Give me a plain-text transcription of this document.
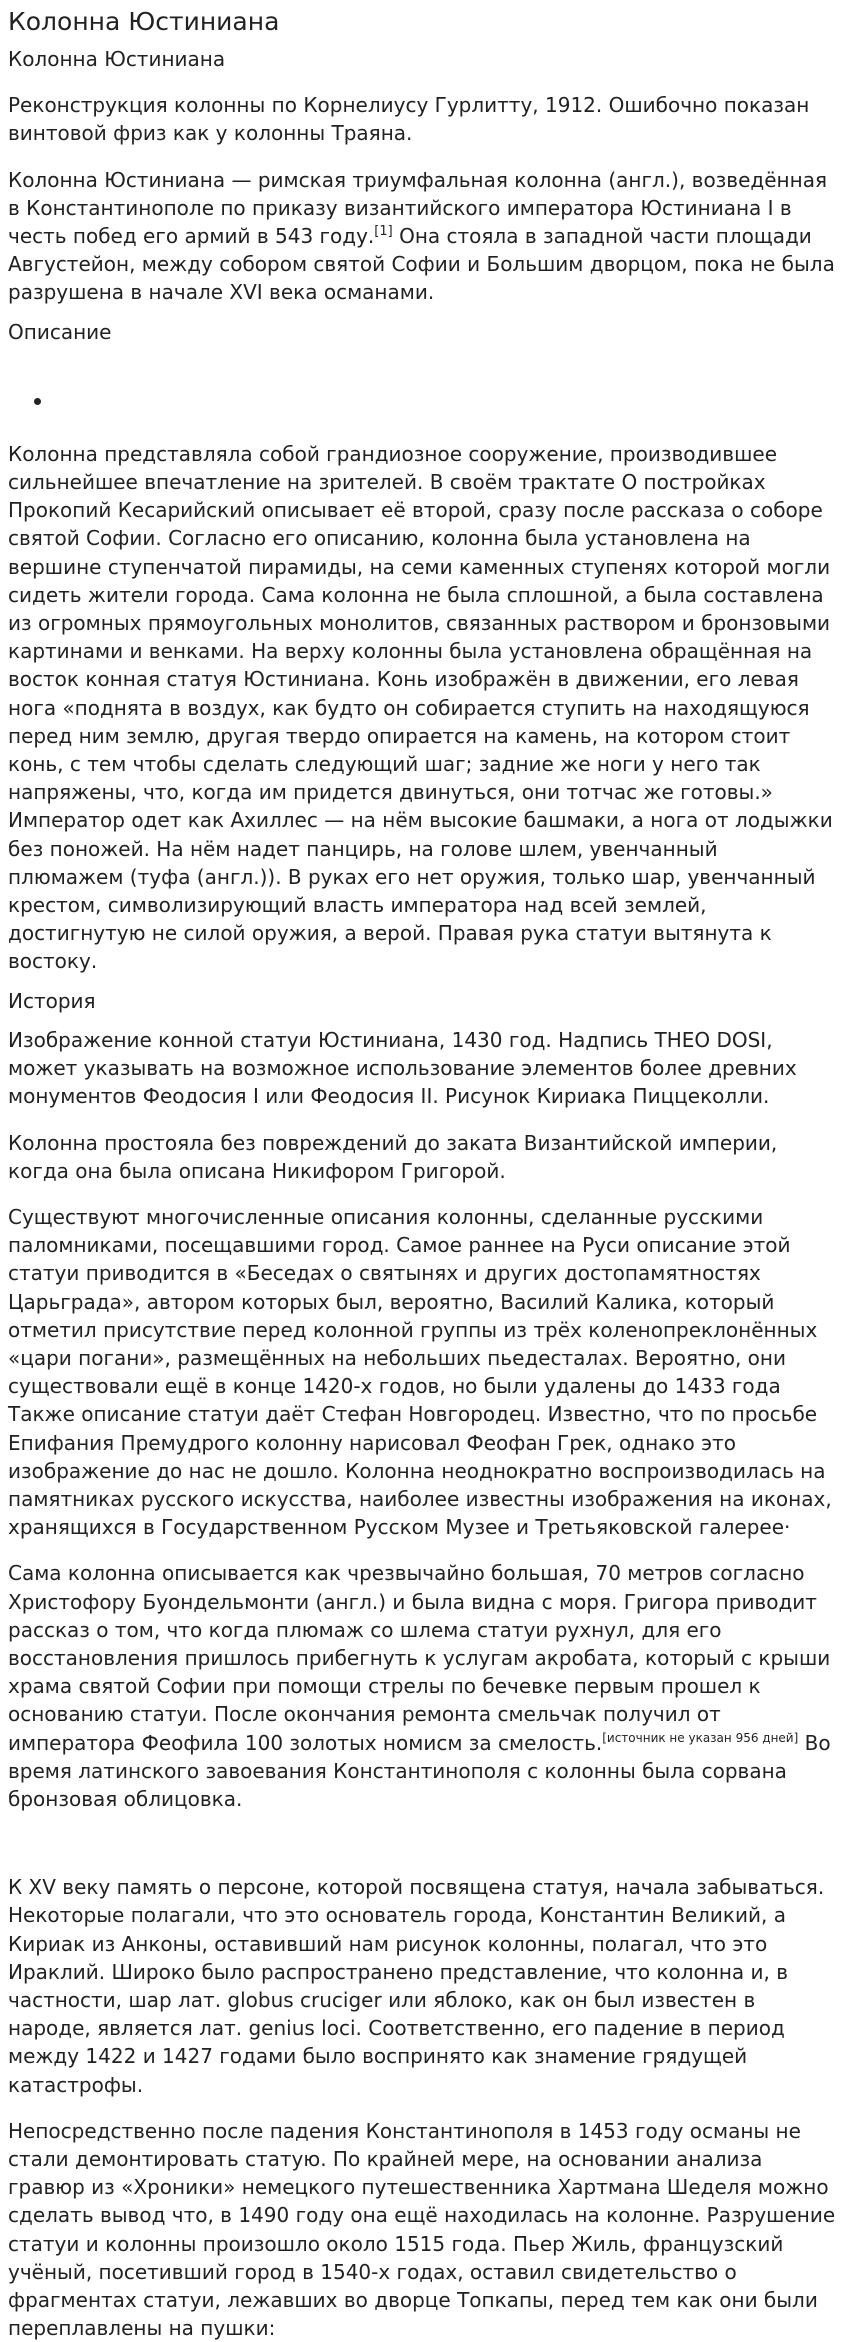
Колонна Юстиниана
Колонна Юстиниана

Реконструкция колонны по Корнелиусу Гурлитту, 1912. Ошибочно показан винтовой фриз как у колонны Траяна.

Колонна Юстиниана — римская триумфальная колонна (англ.), возведённая в Константинополе по приказу византийского императора Юстиниана I в честь побед его армий в 543 году.[1] Она стояла в западной части площади Августейон, между собором святой Софии и Большим дворцом, пока не была разрушена в начале XVI века османами.

Описание

Колонна представляла собой грандиозное сооружение, производившее сильнейшее впечатление на зрителей. В своём трактате О постройках Прокопий Кесарийский описывает её второй, сразу после рассказа о соборе святой Софии. Согласно его описанию, колонна была установлена на вершине ступенчатой пирамиды, на семи каменных ступенях которой могли сидеть жители города. Сама колонна не была сплошной, а была составлена из огромных прямоугольных монолитов, связанных раствором и бронзовыми картинами и венками. На верху колонны была установлена обращённая на восток конная статуя Юстиниана. Конь изображён в движении, его левая нога «поднята в воздух, как будто он собирается ступить на находящуюся перед ним землю, другая твердо опирается на камень, на котором стоит конь, с тем чтобы сделать следующий шаг; задние же ноги у него так напряжены, что, когда им придется двинуться, они тотчас же готовы.» Император одет как Ахиллес — на нём высокие башмаки, а нога от лодыжки без поножей. На нём надет панцирь, на голове шлем, увенчанный плюмажем (туфа (англ.)). В руках его нет оружия, только шар, увенчанный крестом, символизирующий власть императора над всей землей, достигнутую не силой оружия, а верой. Правая рука статуи вытянута к востоку.

История

Изображение конной статуи Юстиниана, 1430 год. Надпись THEO DOSI, может указывать на возможное использование элементов более древних монументов Феодосия I или Феодосия II. Рисунок Кириака Пиццеколли.

Колонна простояла без повреждений до заката Византийской империи, когда она была описана Никифором Григорой.

Существуют многочисленные описания колонны, сделанные русскими паломниками, посещавшими город. Самое раннее на Руси описание этой статуи приводится в «Беседах о святынях и других достопамятностях Царьграда», автором которых был, вероятно, Василий Калика, который отметил присутствие перед колонной группы из трёх коленопреклонённых «цари погани», размещённых на небольших пьедесталах. Вероятно, они существовали ещё в конце 1420-х годов, но были удалены до 1433 года Также описание статуи даёт Стефан Новгородец. Известно, что по просьбе Епифания Премудрого колонну нарисовал Феофан Грек, однако это изображение до нас не дошло. Колонна неоднократно воспроизводилась на памятниках русского искусства, наиболее известны изображения на иконах, хранящихся в Государственном Русском Музее и Третьяковской галерее·

Сама колонна описывается как чрезвычайно большая, 70 метров согласно Христофору Буондельмонти (англ.) и была видна с моря. Григора приводит рассказ о том, что когда плюмаж со шлема статуи рухнул, для его восстановления пришлось прибегнуть к услугам акробата, который с крыши храма святой Софии при помощи стрелы по бечевке первым прошел к основанию статуи. После окончания ремонта смельчак получил от императора Феофила 100 золотых номисм за смелость.[источник не указан 956 дней] Во время латинского завоевания Константинополя с колонны была сорвана бронзовая облицовка.

К XV веку память о персоне, которой посвящена статуя, начала забываться. Некоторые полагали, что это основатель города, Константин Великий, а Кириак из Анконы, оставивший нам рисунок колонны, полагал, что это Ираклий. Широко было распространено представление, что колонна и, в частности, шар лат. globus cruciger или яблоко, как он был известен в народе, является лат. genius loci. Соответственно, его падение в период между 1422 и 1427 годами было воспринято как знамение грядущей катастрофы.

Непосредственно после падения Константинополя в 1453 году османы не стали демонтировать статую. По крайней мере, на основании анализа гравюр из «Хроники» немецкого путешественника Хартмана Шеделя можно сделать вывод что, в 1490 году она ещё находилась на колонне. Разрушение статуи и колонны произошло около 1515 года. Пьер Жиль, французский учёный, посетивший город в 1540-х годах, оставил свидетельство о фрагментах статуи, лежавших во дворце Топкапы, перед тем как они были переплавлены на пушки:
